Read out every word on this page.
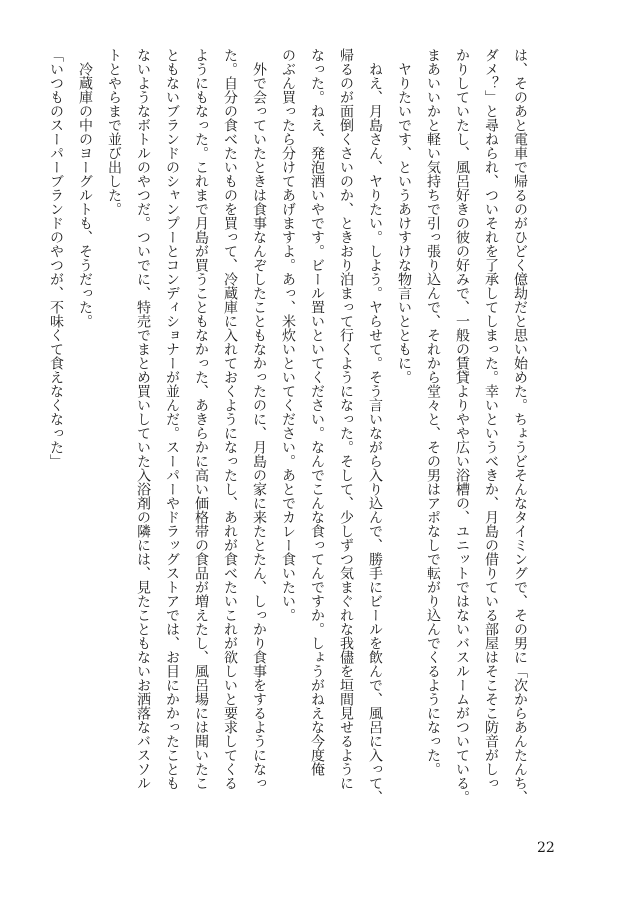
は、そのあと電車で帰るのがひどく億劫だと思い始めた。ちょうどそんなタイミングで、その男に「次からあんたんち、
ダメ？」と尋ねられ、ついそれを了承してしまった。幸いというべきか、月島の借りている部屋はそこそこ防音がしっ
かりしていたし、風呂好きの彼の好みで、一般の賃貸よりやや広い浴槽の、ユニットではないバスルームがついている。
まあいいかと軽い気持ちで引っ張り込んで、それから堂々と、その男はアポなしで転がり込んでくるようになった。
　ヤりたいです、というあけすけな物言いとともに。
　ねえ、月島さん、ヤりたい。しよう。ヤらせて。そう言いながら入り込んで、勝手にビールを飲んで、風呂に入って、
帰るのが面倒くさいのか、ときおり泊まって行くようになった。そして、少しずつ気まぐれな我儘を垣間見せるように
なった。ねえ、発泡酒いやです。ビール置いといてください。なんでこんな食ってんですか。しょうがねえな今度俺
のぶん買ったら分けてあげますよ。あっ、米炊いといてください。あとでカレー食いたい。
　外で会っていたときは食事なんぞしたこともなかったのに、月島の家に来たとたん、しっかり食事をするようになっ
た。自分の食べたいものを買って、冷蔵庫に入れておくようになったし、あれが食べたいこれが欲しいと要求してくる
ようにもなった。これまで月島が買うこともなかった、あきらかに高い価格帯の食品が増えたし、風呂場には聞いたこ
ともないブランドのシャンプーとコンディショナーが並んだ。スーパーやドラッグストアでは、お目にかかったことも
ないようなボトルのやつだ。ついでに、特売でまとめ買いしていた入浴剤の隣には、見たこともないお洒落なバスソル
トとやらまで並び出した。
　冷蔵庫の中のヨーグルトも、そうだった。
「いつものスーパーブランドのやつが、不味くて食えなくなった」
22
